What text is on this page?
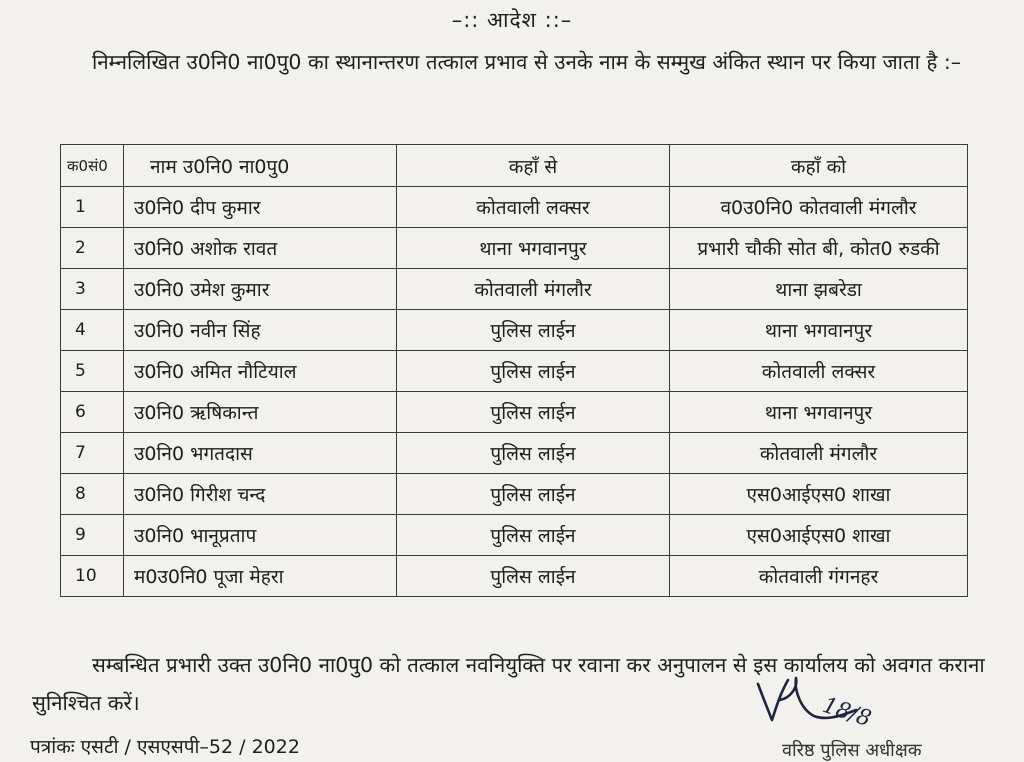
–:: आदेश ::–
निम्नलिखित उ0नि0 ना0पु0 का स्थानान्तरण तत्काल प्रभाव से उनके नाम के सम्मुख अंकित स्थान पर किया जाता है :–
क0सं0	नाम उ0नि0 ना0पु0	कहाँ से	कहाँ को
1	उ0नि0 दीप कुमार	कोतवाली लक्सर	व0उ0नि0 कोतवाली मंगलौर
2	उ0नि0 अशोक रावत	थाना भगवानपुर	प्रभारी चौकी सोत बी, कोत0 रुडकी
3	उ0नि0 उमेश कुमार	कोतवाली मंगलौर	थाना झबरेडा
4	उ0नि0 नवीन सिंह	पुलिस लाईन	थाना भगवानपुर
5	उ0नि0 अमित नौटियाल	पुलिस लाईन	कोतवाली लक्सर
6	उ0नि0 ऋषिकान्त	पुलिस लाईन	थाना भगवानपुर
7	उ0नि0 भगतदास	पुलिस लाईन	कोतवाली मंगलौर
8	उ0नि0 गिरीश चन्द	पुलिस लाईन	एस0आईएस0 शाखा
9	उ0नि0 भानूप्रताप	पुलिस लाईन	एस0आईएस0 शाखा
10	म0उ0नि0 पूजा मेहरा	पुलिस लाईन	कोतवाली गंगनहर
सम्बन्धित प्रभारी उक्त उ0नि0 ना0पु0 को तत्काल नवनियुक्ति पर रवाना कर अनुपालन से इस कार्यालय को अवगत कराना सुनिश्चित करें।
पत्रांकः एसटी / एसएसपी–52 / 2022
18/8
वरिष्ठ पुलिस अधीक्षक
